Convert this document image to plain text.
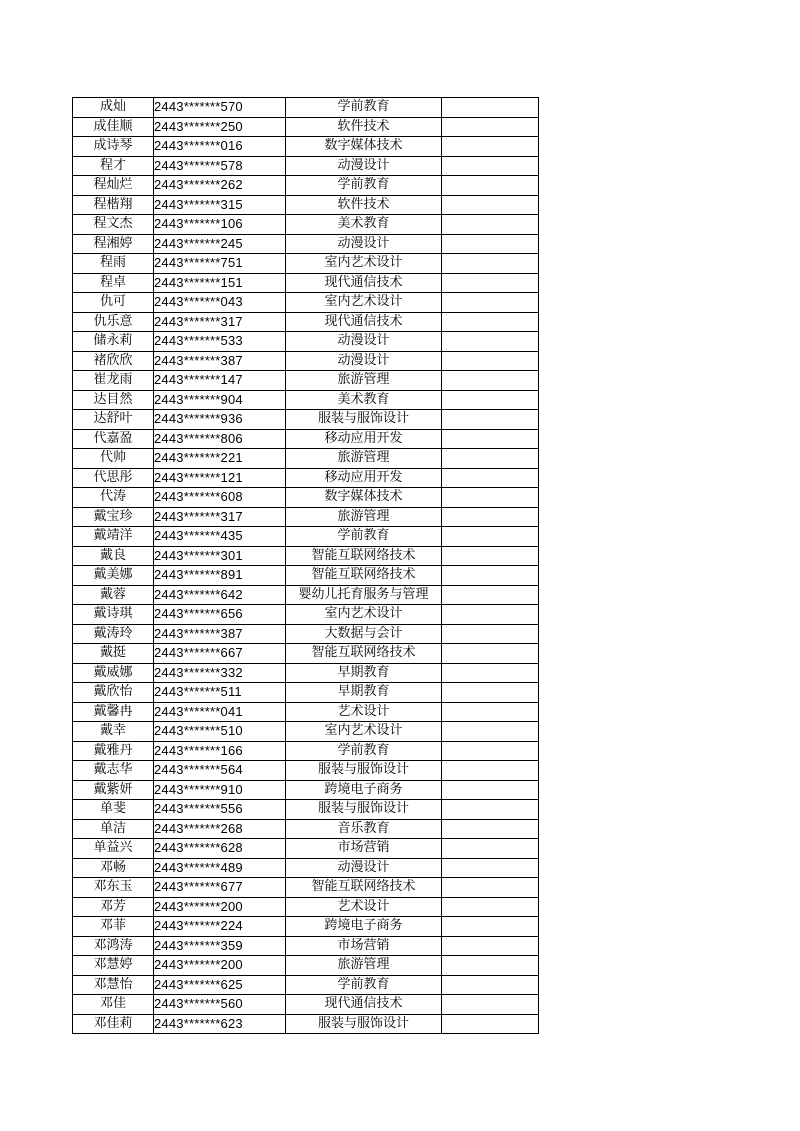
成灿	2443*******570	学前教育	
成佳顺	2443*******250	软件技术	
成诗琴	2443*******016	数字媒体技术	
程才	2443*******578	动漫设计	
程灿烂	2443*******262	学前教育	
程楷翔	2443*******315	软件技术	
程文杰	2443*******106	美术教育	
程湘婷	2443*******245	动漫设计	
程雨	2443*******751	室内艺术设计	
程卓	2443*******151	现代通信技术	
仇可	2443*******043	室内艺术设计	
仇乐意	2443*******317	现代通信技术	
储永莉	2443*******533	动漫设计	
褚欣欣	2443*******387	动漫设计	
崔龙雨	2443*******147	旅游管理	
达目然	2443*******904	美术教育	
达舒叶	2443*******936	服装与服饰设计	
代嘉盈	2443*******806	移动应用开发	
代帅	2443*******221	旅游管理	
代思彤	2443*******121	移动应用开发	
代涛	2443*******608	数字媒体技术	
戴宝珍	2443*******317	旅游管理	
戴靖洋	2443*******435	学前教育	
戴良	2443*******301	智能互联网络技术	
戴美娜	2443*******891	智能互联网络技术	
戴蓉	2443*******642	婴幼儿托育服务与管理	
戴诗琪	2443*******656	室内艺术设计	
戴涛玲	2443*******387	大数据与会计	
戴挺	2443*******667	智能互联网络技术	
戴威娜	2443*******332	早期教育	
戴欣怡	2443*******511	早期教育	
戴馨冉	2443*******041	艺术设计	
戴幸	2443*******510	室内艺术设计	
戴雅丹	2443*******166	学前教育	
戴志华	2443*******564	服装与服饰设计	
戴紫妍	2443*******910	跨境电子商务	
单斐	2443*******556	服装与服饰设计	
单洁	2443*******268	音乐教育	
单益兴	2443*******628	市场营销	
邓畅	2443*******489	动漫设计	
邓东玉	2443*******677	智能互联网络技术	
邓芳	2443*******200	艺术设计	
邓菲	2443*******224	跨境电子商务	
邓鸿涛	2443*******359	市场营销	
邓慧婷	2443*******200	旅游管理	
邓慧怡	2443*******625	学前教育	
邓佳	2443*******560	现代通信技术	
邓佳莉	2443*******623	服装与服饰设计	
